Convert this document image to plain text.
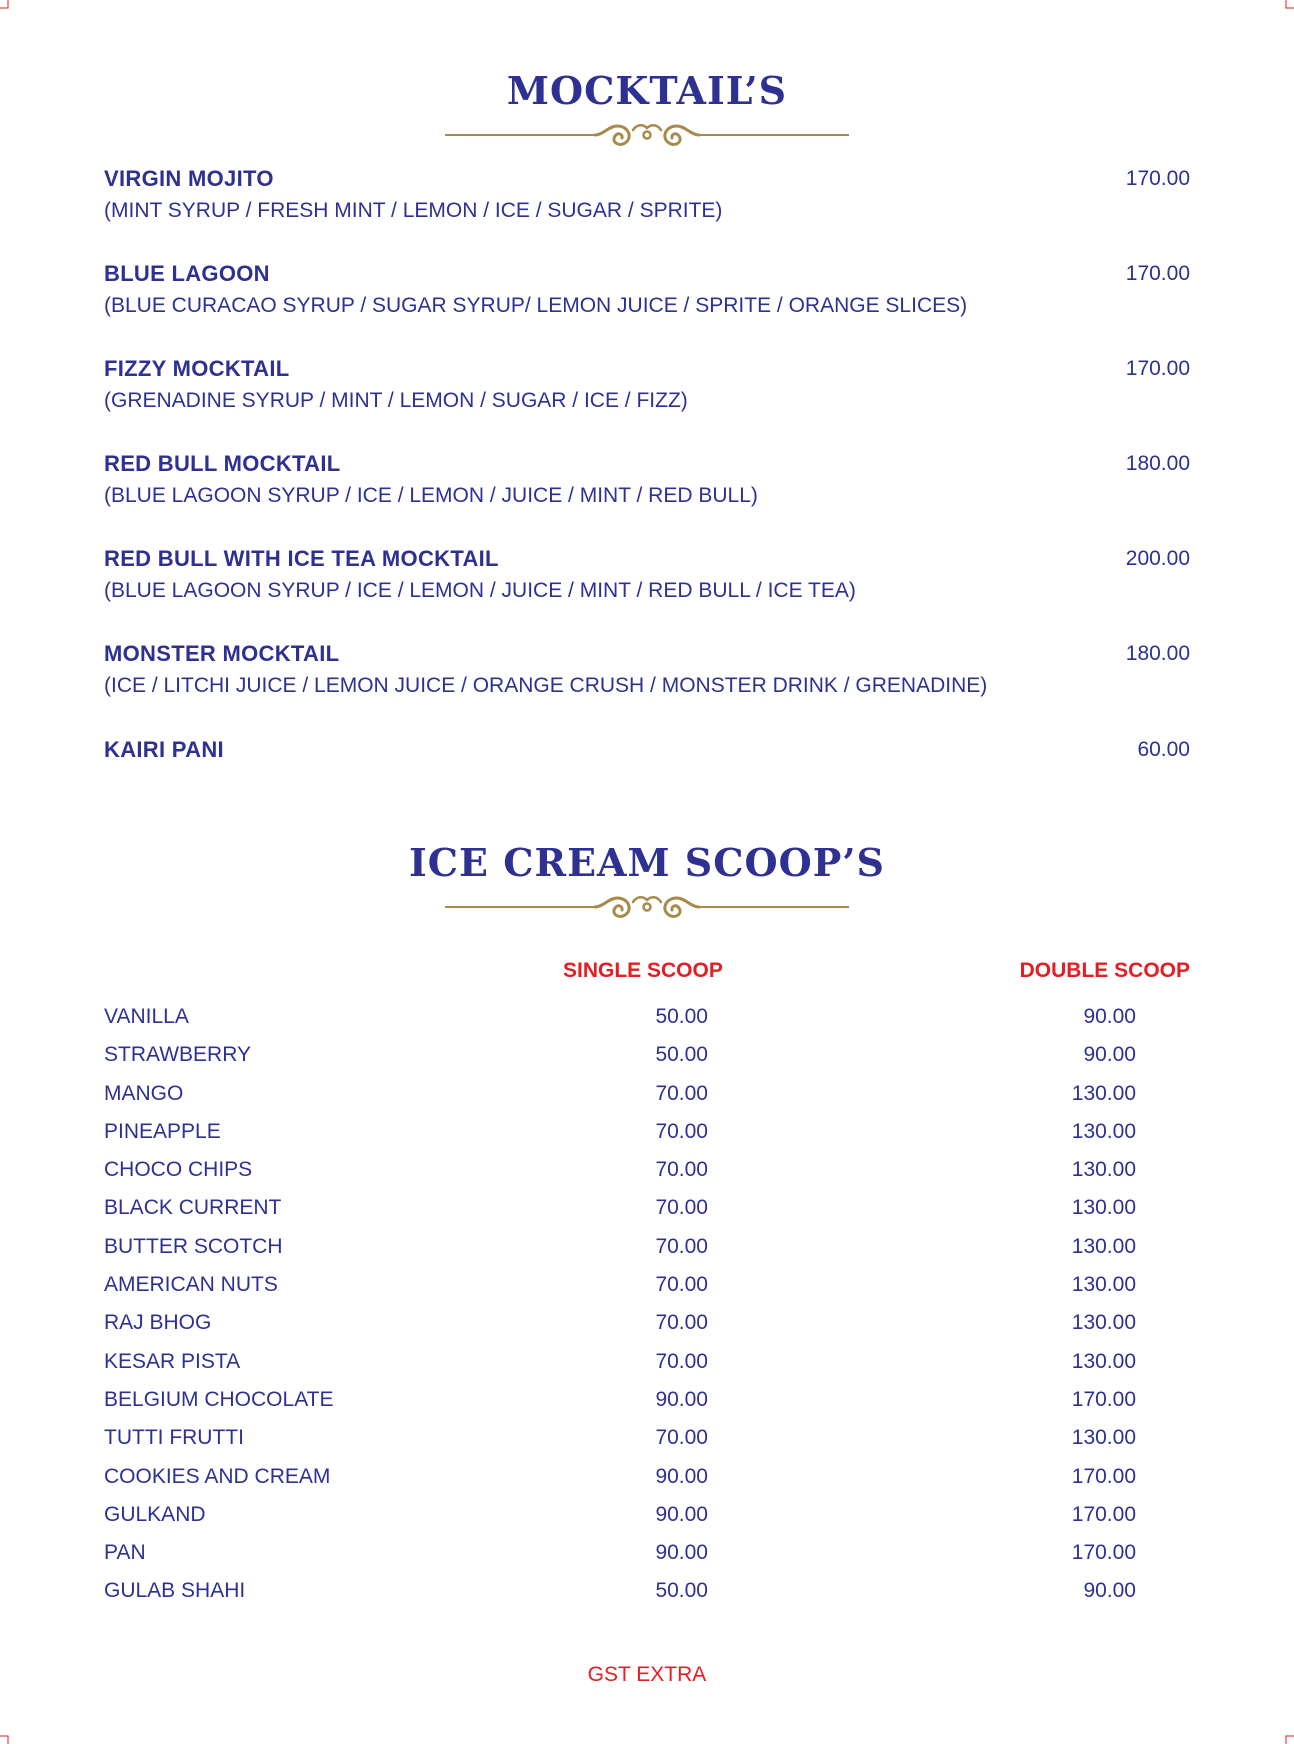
MOCKTAIL’S
VIRGIN MOJITO
(MINT SYRUP / FRESH MINT / LEMON / ICE / SUGAR / SPRITE)
170.00
BLUE LAGOON
(BLUE CURACAO SYRUP / SUGAR SYRUP/ LEMON JUICE / SPRITE / ORANGE SLICES)
170.00
FIZZY MOCKTAIL
(GRENADINE SYRUP / MINT / LEMON / SUGAR / ICE / FIZZ)
170.00
RED BULL MOCKTAIL
(BLUE LAGOON SYRUP / ICE / LEMON / JUICE / MINT / RED BULL)
180.00
RED BULL WITH ICE TEA MOCKTAIL
(BLUE LAGOON SYRUP / ICE / LEMON / JUICE / MINT / RED BULL / ICE TEA)
200.00
MONSTER MOCKTAIL
(ICE / LITCHI JUICE / LEMON JUICE / ORANGE CRUSH / MONSTER DRINK / GRENADINE)
180.00
KAIRI PANI	60.00
ICE CREAM SCOOP’S
SINGLE SCOOP	DOUBLE SCOOP
VANILLA	50.00	90.00
STRAWBERRY	50.00	90.00
MANGO	70.00	130.00
PINEAPPLE	70.00	130.00
CHOCO CHIPS	70.00	130.00
BLACK CURRENT	70.00	130.00
BUTTER SCOTCH	70.00	130.00
AMERICAN NUTS	70.00	130.00
RAJ BHOG	70.00	130.00
KESAR PISTA	70.00	130.00
BELGIUM CHOCOLATE	90.00	170.00
TUTTI FRUTTI	70.00	130.00
COOKIES AND CREAM	90.00	170.00
GULKAND	90.00	170.00
PAN	90.00	170.00
GULAB SHAHI	50.00	90.00
GST EXTRA
